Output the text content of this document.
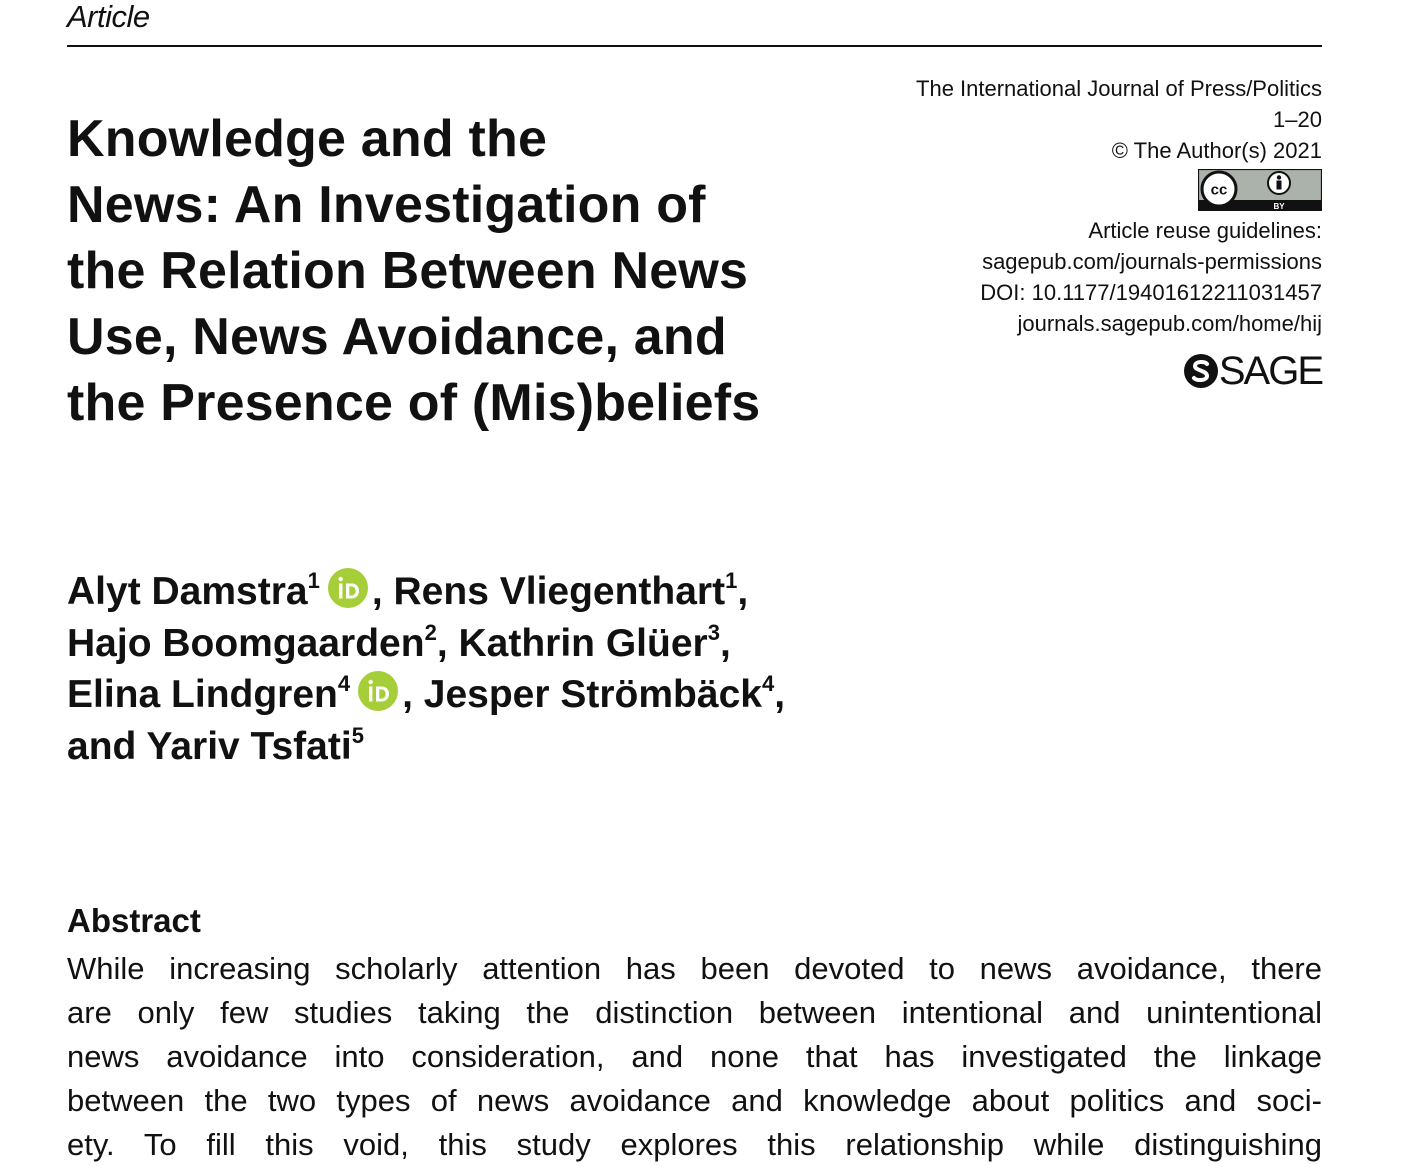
Article
Knowledge and the
News: An Investigation of
the Relation Between News
Use, News Avoidance, and
the Presence of (Mis)beliefs
The International Journal of Press/Politics
1–20
© The Author(s) 2021
cc
BY
Article reuse guidelines:
sagepub.com/journals-permissions
DOI: 10.1177/19401612211031457
journals.sagepub.com/home/hij
SAGE
Alyt Damstra$^1$ , Rens Vliegenthart$^1$,
Hajo Boomgaarden$^2$, Kathrin Glüer$^3$,
Elina Lindgren$^4$ , Jesper Strömbäck$^4$,
and Yariv Tsfati$^5$
Abstract
While increasing scholarly attention has been devoted to news avoidance, there
are only few studies taking the distinction between intentional and unintentional
news avoidance into consideration, and none that has investigated the linkage
between the two types of news avoidance and knowledge about politics and soci-
ety. To fill this void, this study explores this relationship while distinguishing
